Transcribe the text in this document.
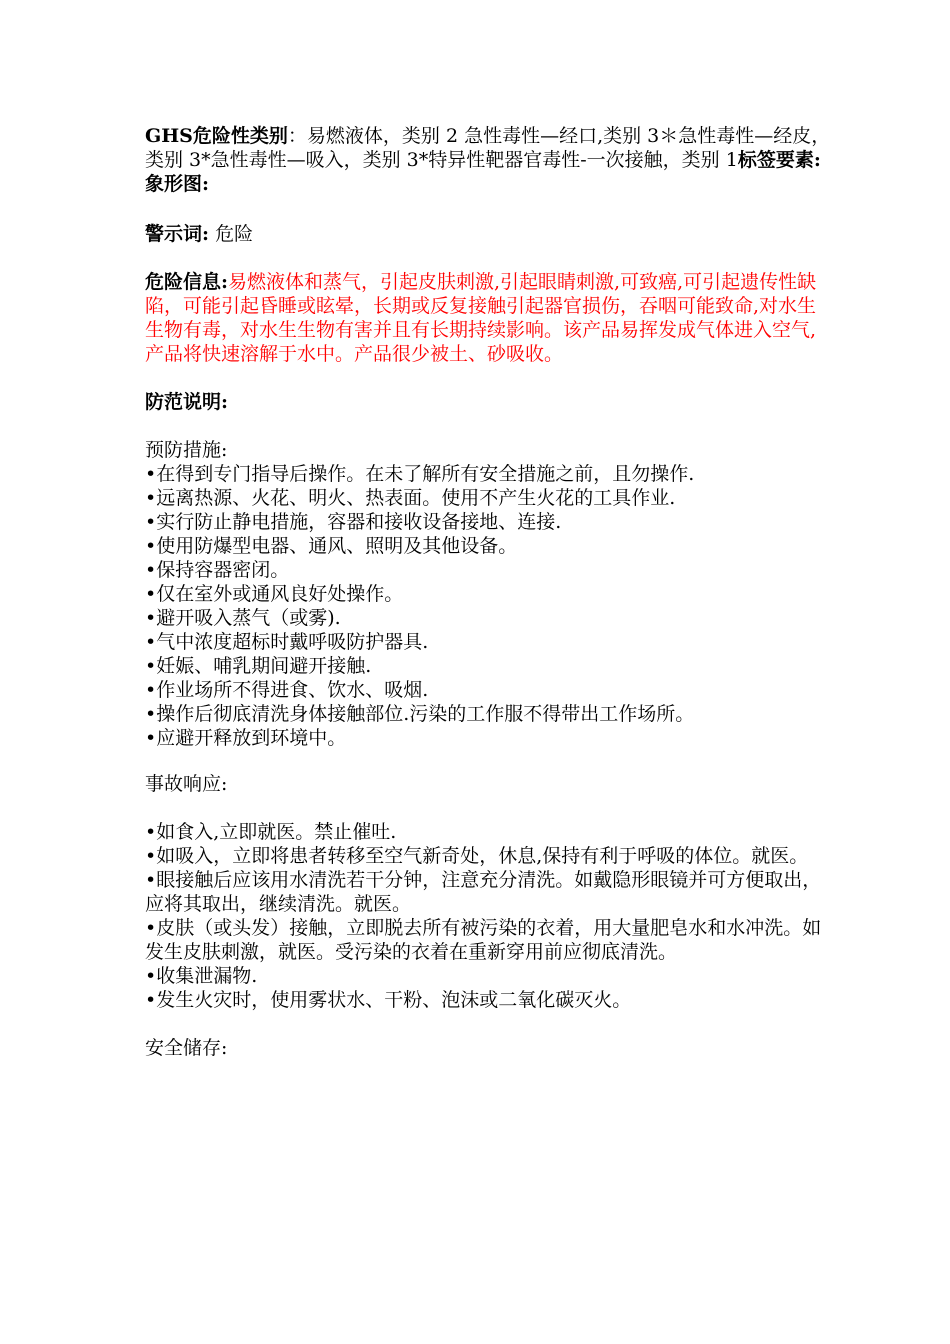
GHS危险性类别：易燃液体，类别 2 急性毒性—经口,类别 3＊急性毒性—经皮，类别 3*急性毒性—吸入，类别 3*特异性靶器官毒性-一次接触，类别 1标签要素:

象形图:

警示词: 危险

危险信息:易燃液体和蒸气，引起皮肤刺激,引起眼睛刺激,可致癌,可引起遗传性缺陷，可能引起昏睡或眩晕，长期或反复接触引起器官损伤，吞咽可能致命,对水生生物有毒，对水生生物有害并且有长期持续影响。该产品易挥发成气体进入空气,产品将快速溶解于水中。产品很少被土、砂吸收。

防范说明:

预防措施:

•在得到专门指导后操作。在未了解所有安全措施之前，且勿操作.
•远离热源、火花、明火、热表面。使用不产生火花的工具作业.
•实行防止静电措施，容器和接收设备接地、连接.
•使用防爆型电器、通风、照明及其他设备。
•保持容器密闭。
•仅在室外或通风良好处操作。
•避开吸入蒸气（或雾).
•气中浓度超标时戴呼吸防护器具.
•妊娠、哺乳期间避开接触.
•作业场所不得进食、饮水、吸烟.
•操作后彻底清洗身体接触部位.污染的工作服不得带出工作场所。
•应避开释放到环境中。

事故响应:

•如食入,立即就医。禁止催吐.
•如吸入，立即将患者转移至空气新奇处，休息,保持有利于呼吸的体位。就医。
•眼接触后应该用水清洗若干分钟，注意充分清洗。如戴隐形眼镜并可方便取出，应将其取出，继续清洗。就医。
•皮肤（或头发）接触，立即脱去所有被污染的衣着，用大量肥皂水和水冲洗。如发生皮肤刺激，就医。受污染的衣着在重新穿用前应彻底清洗。
•收集泄漏物.
•发生火灾时，使用雾状水、干粉、泡沫或二氧化碳灭火。

安全储存:
